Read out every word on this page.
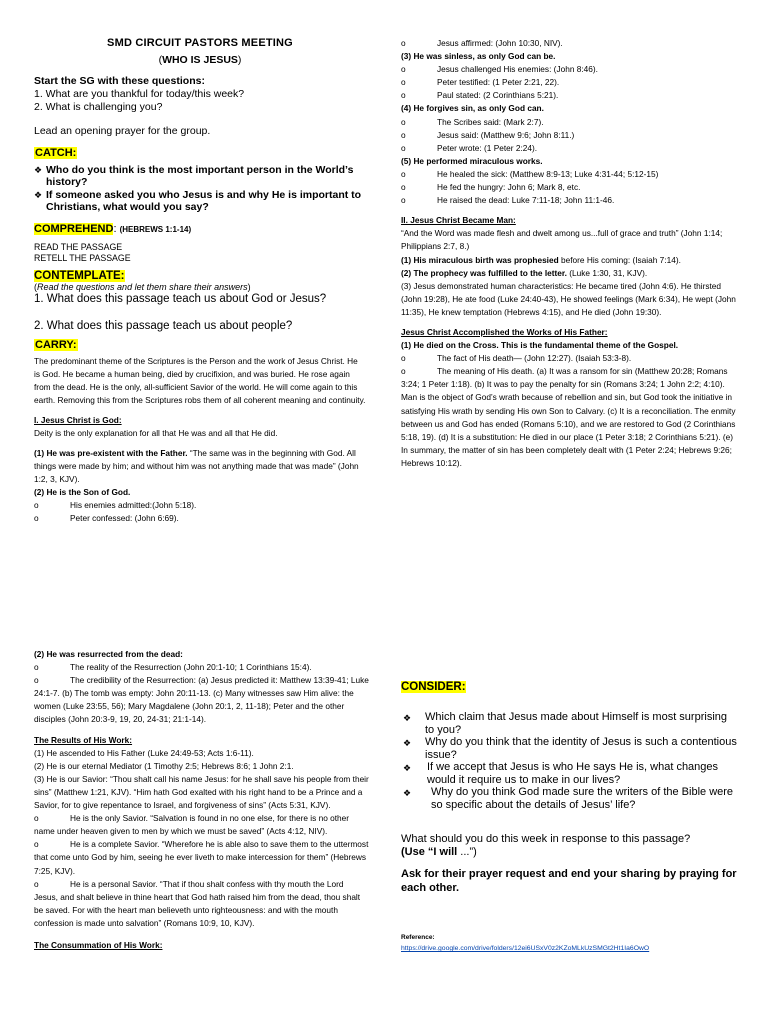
SMD CIRCUIT PASTORS MEETING
(WHO IS JESUS)
Start the SG with these questions:
1. What are you thankful for today/this week?
2. What is challenging you?
Lead an opening prayer for the group.
CATCH:
❖ Who do you think is the most important person in the World’s history?
❖ If someone asked you who Jesus is and why He is important to Christians, what would you say?
COMPREHEND: (HEBREWS 1:1-14)
READ THE PASSAGE
RETELL THE PASSAGE
CONTEMPLATE:
(Read the questions and let them share their answers)
1. What does this passage teach us about God or Jesus?
2. What does this passage teach us about people?
CARRY:
The predominant theme of the Scriptures is the Person and the work of Jesus Christ. He is God. He became a human being, died by crucifixion, and was buried. He rose again from the dead. He is the only, all-sufficient Savior of the world. He will come again to this earth. Removing this from the Scriptures robs them of all coherent meaning and continuity.
I. Jesus Christ is God:
Deity is the only explanation for all that He was and all that He did.
(1) He was pre-existent with the Father. “The same was in the beginning with God. All things were made by him; and without him was not anything made that was made” (John 1:2, 3, KJV).
(2) He is the Son of God.
o	His enemies admitted:(John 5:18).
o	Peter confessed: (John 6:69).
o	Jesus affirmed: (John 10:30, NIV).
(3) He was sinless, as only God can be.
o	Jesus challenged His enemies: (John 8:46).
o	Peter testified: (1 Peter 2:21, 22).
o	Paul stated: (2 Corinthians 5:21).
(4) He forgives sin, as only God can.
o	The Scribes said: (Mark 2:7).
o	Jesus said: (Matthew 9:6; John 8:11.)
o	Peter wrote: (1 Peter 2:24).
(5) He performed miraculous works.
o	He healed the sick: (Matthew 8:9-13; Luke 4:31-44; 5:12-15)
o	He fed the hungry: John 6; Mark 8, etc.
o	He raised the dead: Luke 7:11-18; John 11:1-46.
II. Jesus Christ Became Man:
“And the Word was made flesh and dwelt among us...full of grace and truth” (John 1:14; Philippians 2:7, 8.)
(1) His miraculous birth was prophesied before His coming: (Isaiah 7:14).
(2) The prophecy was fulfilled to the letter. (Luke 1:30, 31, KJV).
(3) Jesus demonstrated human characteristics: He became tired (John 4:6). He thirsted (John 19:28), He ate food (Luke 24:40-43), He showed feelings (Mark 6:34), He wept (John 11:35), He knew temptation (Hebrews 4:15), and He died (John 19:30).
Jesus Christ Accomplished the Works of His Father:
(1) He died on the Cross. This is the fundamental theme of the Gospel.
o	The fact of His death— (John 12:27). (Isaiah 53:3-8).
o	The meaning of His death. (a) It was a ransom for sin (Matthew 20:28; Romans 3:24; 1 Peter 1:18). (b) It was to pay the penalty for sin (Romans 3:24; 1 John 2:2; 4:10). Man is the object of God’s wrath because of rebellion and sin, but God took the initiative in satisfying His wrath by sending His own Son to Calvary. (c) It is a reconciliation. The enmity between us and God has ended (Romans 5:10), and we are restored to God (2 Corinthians 5:18, 19). (d) It is a substitution: He died in our place (1 Peter 3:18; 2 Corinthians 5:21). (e) In summary, the matter of sin has been completely dealt with (1 Peter 2:24; Hebrews 9:26; Hebrews 10:12).
(2) He was resurrected from the dead:
o	The reality of the Resurrection (John 20:1-10; 1 Corinthians 15:4).
o	The credibility of the Resurrection: (a) Jesus predicted it: Matthew 13:39-41; Luke 24:1-7. (b) The tomb was empty: John 20:11-13. (c) Many witnesses saw Him alive: the women (Luke 23:55, 56); Mary Magdalene (John 20:1, 2, 11-18); Peter and the other disciples (John 20:3-9, 19, 20, 24-31; 21:1-14).
The Results of His Work:
(1) He ascended to His Father (Luke 24:49-53; Acts 1:6-11).
(2) He is our eternal Mediator (1 Timothy 2:5; Hebrews 8:6; 1 John 2:1.
(3) He is our Savior: “Thou shalt call his name Jesus: for he shall save his people from their sins” (Matthew 1:21, KJV). “Him hath God exalted with his right hand to be a Prince and a Savior, for to give repentance to Israel, and forgiveness of sins” (Acts 5:31, KJV).
o	He is the only Savior. “Salvation is found in no one else, for there is no other name under heaven given to men by which we must be saved” (Acts 4:12, NIV).
o	He is a complete Savior. “Wherefore he is able also to save them to the uttermost that come unto God by him, seeing he ever liveth to make intercession for them” (Hebrews 7:25, KJV).
o	He is a personal Savior. “That if thou shalt confess with thy mouth the Lord Jesus, and shalt believe in thine heart that God hath raised him from the dead, thou shalt be saved. For with the heart man believeth unto righteousness: and with the mouth confession is made unto salvation” (Romans 10:9, 10, KJV).
The Consummation of His Work:
CONSIDER:
❖ Which claim that Jesus made about Himself is most surprising to you?
❖ Why do you think that the identity of Jesus is such a contentious issue?
❖ If we accept that Jesus is who He says He is, what changes would it require us to make in our lives?
❖ Why do you think God made sure the writers of the Bible were so specific about the details of Jesus’ life?
What should you do this week in response to this passage?
(Use “I will ...”)
Ask for their prayer request and end your sharing by praying for each other.
Reference:
https://drive.google.com/drive/folders/12ei6USxV0z2KZoMLkUzSMGt2Ht1Ia6OwO
